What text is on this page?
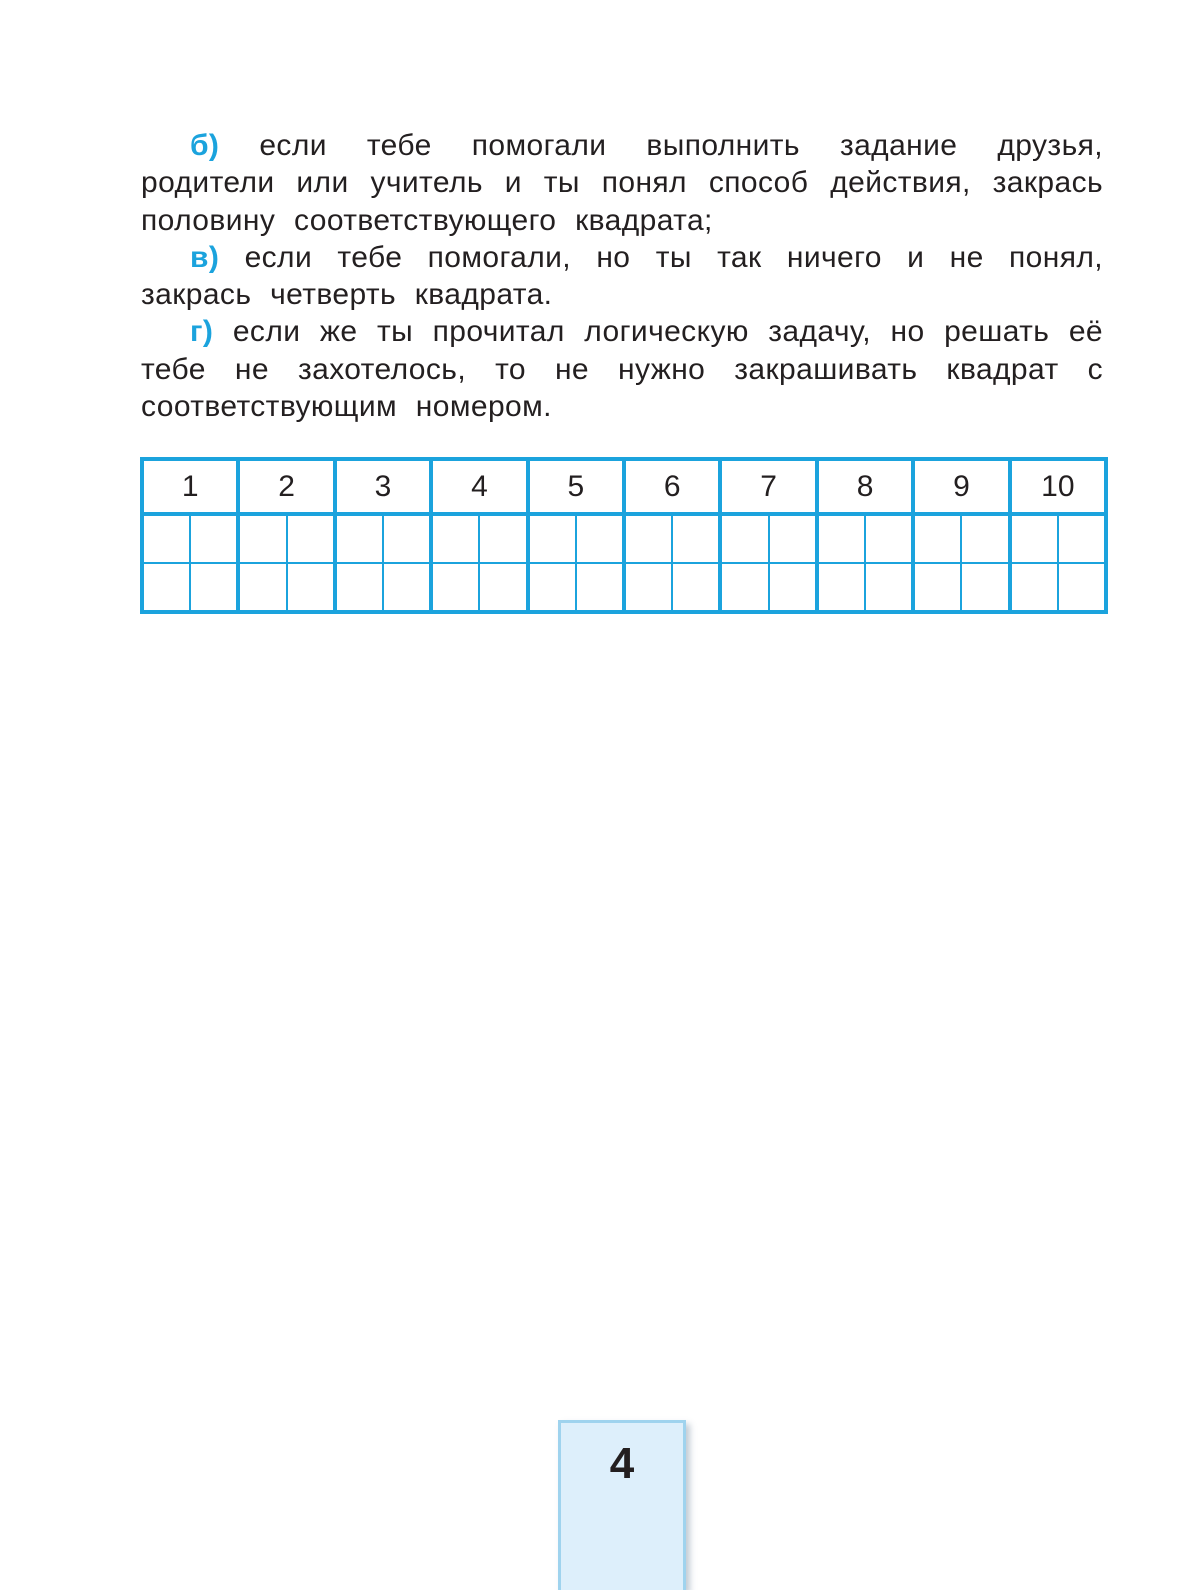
б) если тебе помогали выполнить задание друзья, родители или учитель и ты понял способ действия, закрась половину соответствующего квадрата;

в) если тебе помогали, но ты так ничего и не понял, закрась четверть квадрата.

г) если же ты прочитал логическую задачу, но решать её тебе не захотелось, то не нужно закрашивать квадрат с соответствующим номером.

1	2	3	4	5	6	7	8	9	10
4
